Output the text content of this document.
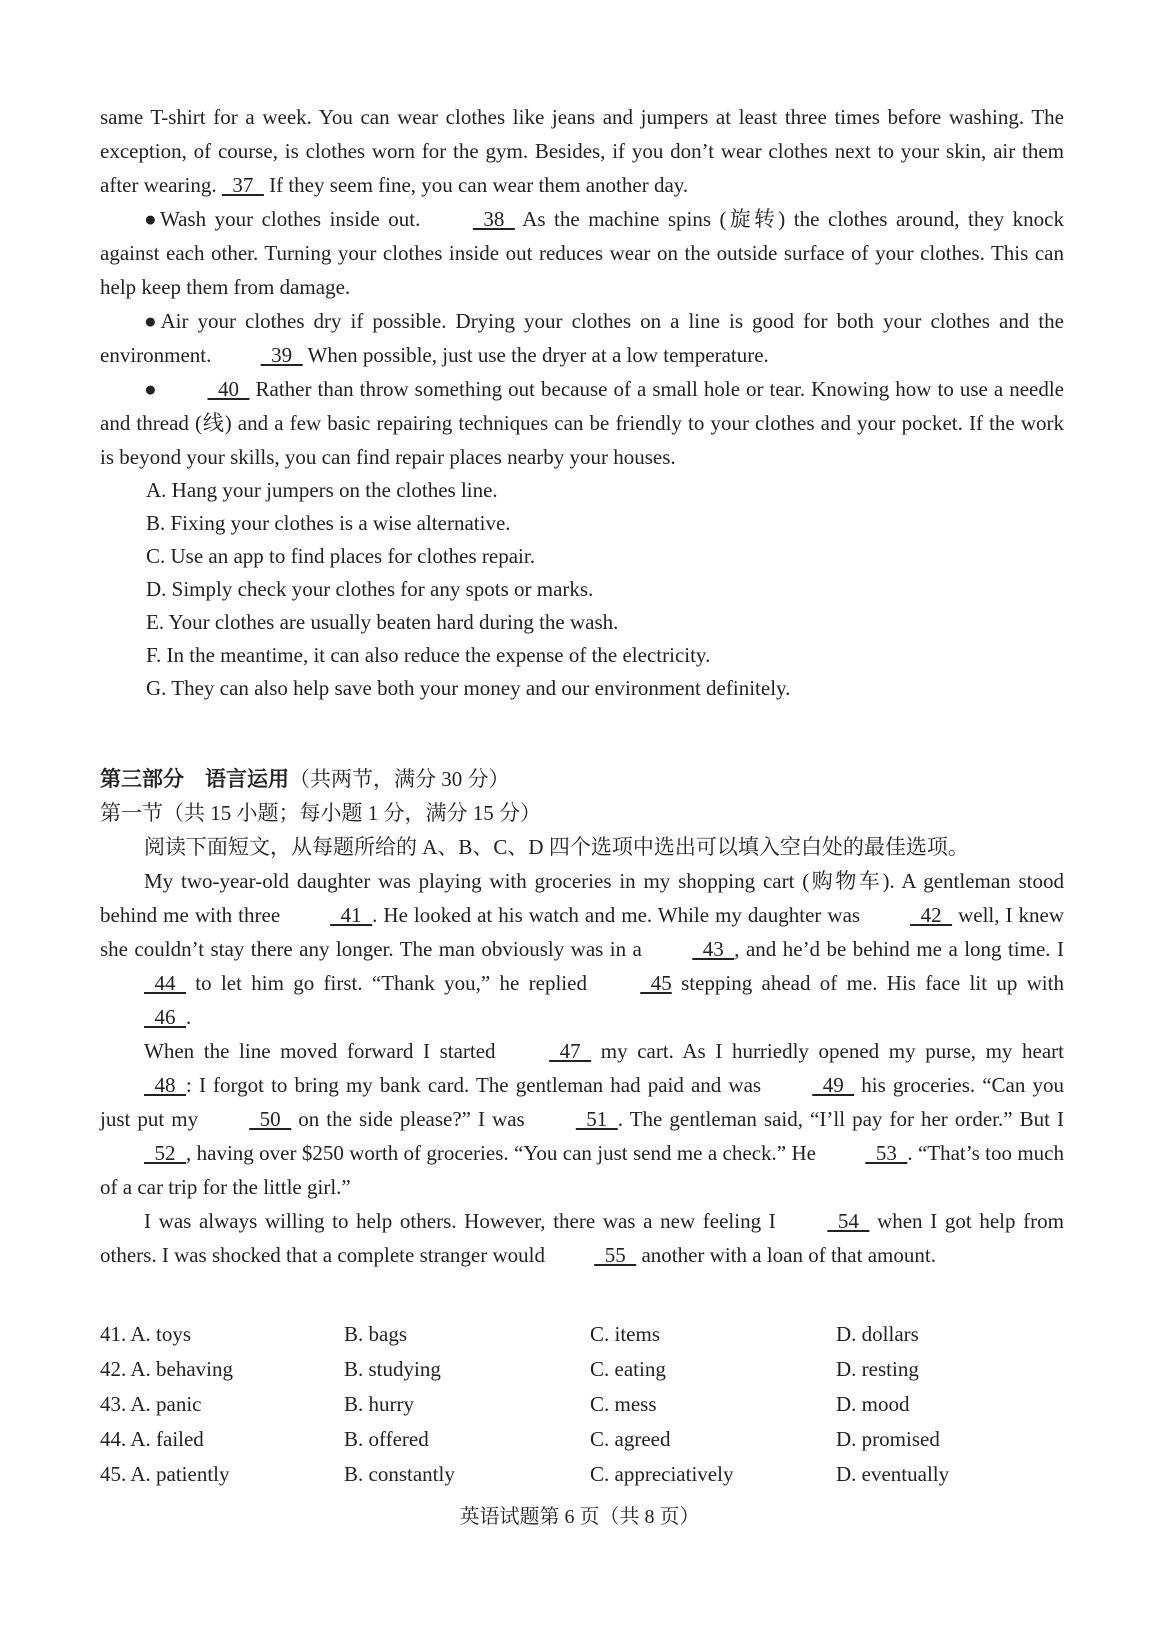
same T-shirt for a week. You can wear clothes like jeans and jumpers at least three times before washing. The exception, of course, is clothes worn for the gym. Besides, if you don’t wear clothes next to your skin, air them after wearing.   37   If they seem fine, you can wear them another day.

●Wash your clothes inside out.   38   As the machine spins (旋转) the clothes around, they knock against each other. Turning your clothes inside out reduces wear on the outside surface of your clothes. This can help keep them from damage.

●Air your clothes dry if possible. Drying your clothes on a line is good for both your clothes and the environment.   39   When possible, just use the dryer at a low temperature.

●   40   Rather than throw something out because of a small hole or tear. Knowing how to use a needle and thread (线) and a few basic repairing techniques can be friendly to your clothes and your pocket. If the work is beyond your skills, you can find repair places nearby your houses.

A. Hang your jumpers on the clothes line.

B. Fixing your clothes is a wise alternative.

C. Use an app to find places for clothes repair.

D. Simply check your clothes for any spots or marks.

E. Your clothes are usually beaten hard during the wash.

F. In the meantime, it can also reduce the expense of the electricity.

G. They can also help save both your money and our environment definitely.

第三部分　语言运用（共两节，满分 30 分）
第一节（共 15 小题；每小题 1 分，满分 15 分）

阅读下面短文，从每题所给的 A、B、C、D 四个选项中选出可以填入空白处的最佳选项。

My two-year-old daughter was playing with groceries in my shopping cart (购物车). A gentleman stood behind me with three   41  . He looked at his watch and me. While my daughter was   42   well, I knew she couldn’t stay there any longer. The man obviously was in a   43  , and he’d be behind me a long time. I   44   to let him go first. “Thank you,” he replied   45 stepping ahead of me. His face lit up with   46  .

When the line moved forward I started   47   my cart. As I hurriedly opened my purse, my heart   48  : I forgot to bring my bank card. The gentleman had paid and was   49   his groceries. “Can you just put my   50   on the side please?” I was   51  . The gentleman said, “I’ll pay for her order.” But I   52  , having over $250 worth of groceries. “You can just send me a check.” He   53  . “That’s too much of a car trip for the little girl.”

I was always willing to help others. However, there was a new feeling I   54   when I got help from others. I was shocked that a complete stranger would   55   another with a loan of that amount.

41. A. toys	B. bags	C. items	D. dollars
42. A. behaving	B. studying	C. eating	D. resting
43. A. panic	B. hurry	C. mess	D. mood
44. A. failed	B. offered	C. agreed	D. promised
45. A. patiently	B. constantly	C. appreciatively	D. eventually
英语试题第 6 页（共 8 页）
